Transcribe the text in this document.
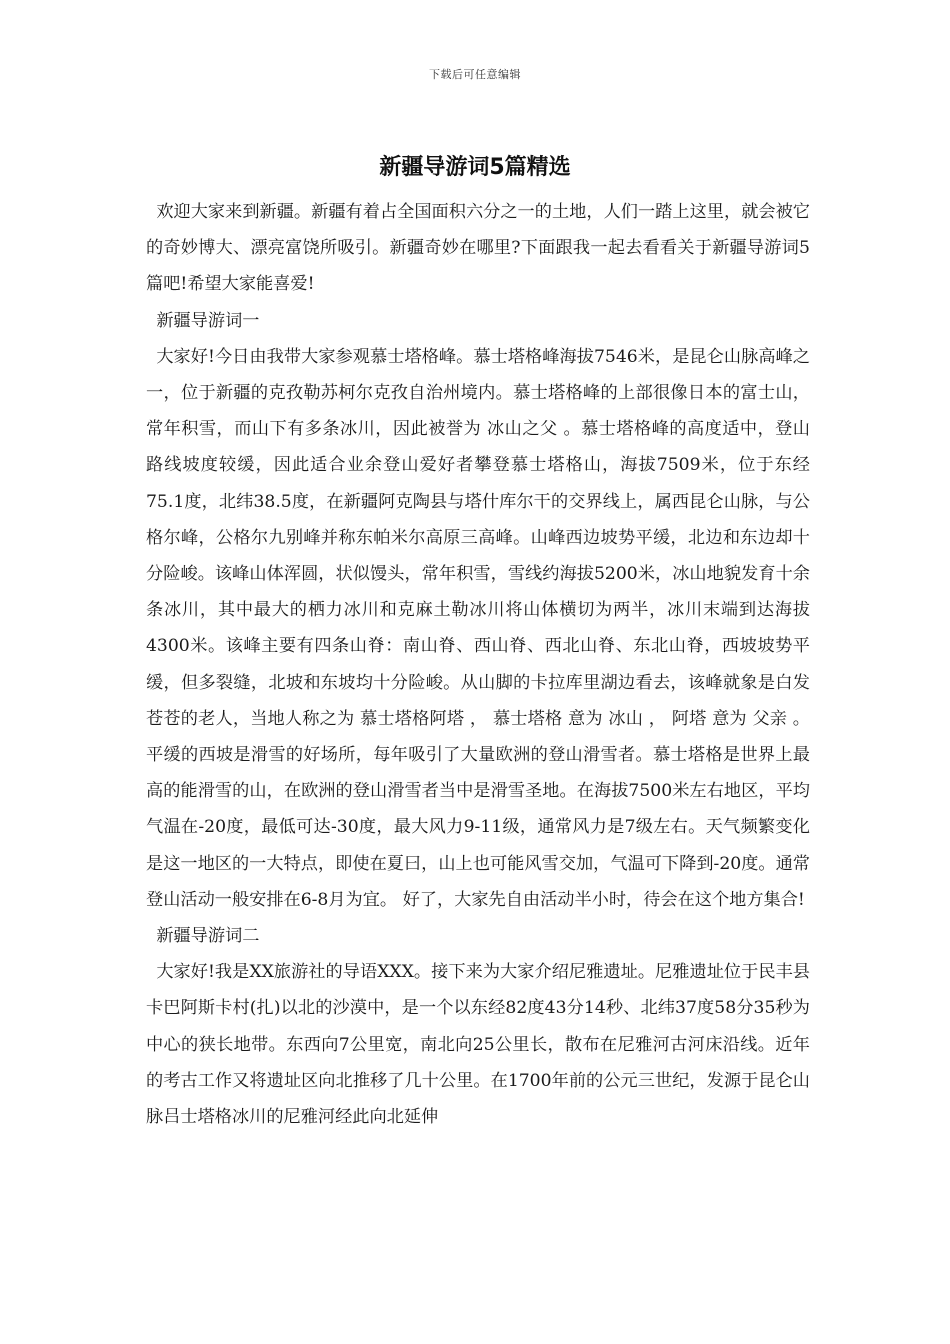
下载后可任意编辑
新疆导游词5篇精选

欢迎大家来到新疆。新疆有着占全国面积六分之一的土地，人们一踏上这里，就会被它的奇妙博大、漂亮富饶所吸引。新疆奇妙在哪里?下面跟我一起去看看关于新疆导游词5篇吧!希望大家能喜爱!

新疆导游词一

大家好!今日由我带大家参观慕士塔格峰。慕士塔格峰海拔7546米，是昆仑山脉高峰之一，位于新疆的克孜勒苏柯尔克孜自治州境内。慕士塔格峰的上部很像日本的富士山，常年积雪，而山下有多条冰川，因此被誉为 冰山之父 。慕士塔格峰的高度适中，登山路线坡度较缓，因此适合业余登山爱好者攀登慕士塔格山，海拔7509米，位于东经75.1度，北纬38.5度，在新疆阿克陶县与塔什库尔干的交界线上，属西昆仑山脉，与公格尔峰，公格尔九别峰并称东帕米尔高原三高峰。山峰西边坡势平缓，北边和东边却十分险峻。该峰山体浑圆，状似馒头，常年积雪，雪线约海拔5200米，冰山地貌发育十余条冰川，其中最大的栖力冰川和克麻土勒冰川将山体横切为两半，冰川末端到达海拔4300米。该峰主要有四条山脊：南山脊、西山脊、西北山脊、东北山脊，西坡坡势平缓，但多裂缝，北坡和东坡均十分险峻。从山脚的卡拉库里湖边看去，该峰就象是白发苍苍的老人，当地人称之为 慕士塔格阿塔 ， 慕士塔格 意为 冰山 ， 阿塔 意为 父亲 。平缓的西坡是滑雪的好场所，每年吸引了大量欧洲的登山滑雪者。慕士塔格是世界上最高的能滑雪的山，在欧洲的登山滑雪者当中是滑雪圣地。在海拔7500米左右地区，平均气温在-20度，最低可达-30度，最大风力9-11级，通常风力是7级左右。天气频繁变化是这一地区的一大特点，即使在夏曰，山上也可能风雪交加，气温可下降到-20度。通常登山活动一般安排在6-8月为宜。 好了，大家先自由活动半小时，待会在这个地方集合!

新疆导游词二

大家好!我是XX旅游社的导语XXX。接下来为大家介绍尼雅遗址。尼雅遗址位于民丰县卡巴阿斯卡村(扎)以北的沙漠中，是一个以东经82度43分14秒、北纬37度58分35秒为中心的狭长地带。东西向7公里宽，南北向25公里长，散布在尼雅河古河床沿线。近年的考古工作又将遗址区向北推移了几十公里。在1700年前的公元三世纪，发源于昆仑山脉吕士塔格冰川的尼雅河经此向北延伸
